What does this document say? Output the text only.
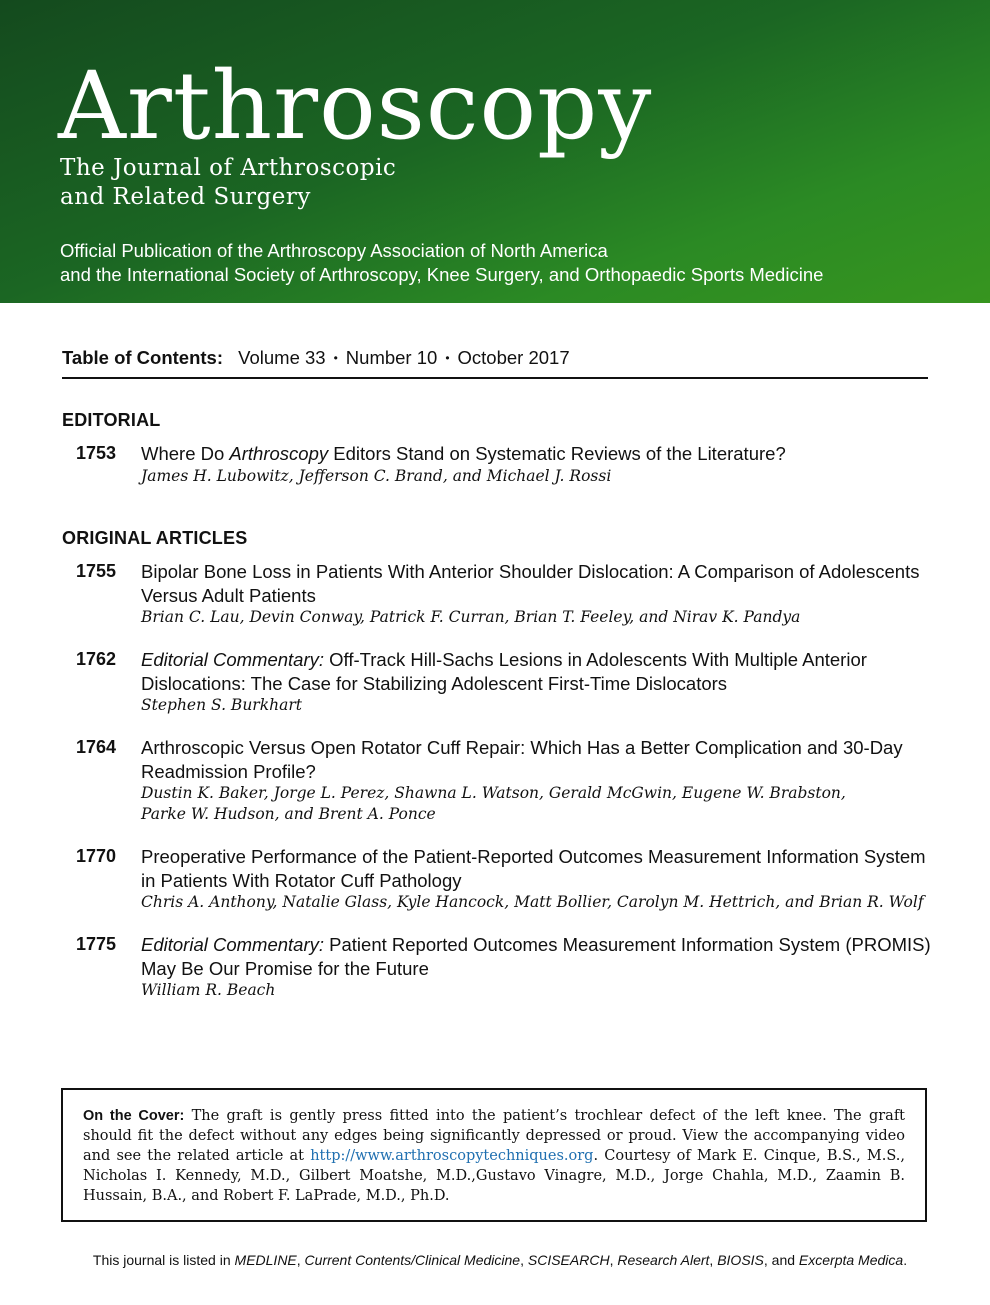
Arthroscopy
The Journal of Arthroscopic
and Related Surgery
Official Publication of the Arthroscopy Association of North America
and the International Society of Arthroscopy, Knee Surgery, and Orthopaedic Sports Medicine
Table of Contents: Volume 33 • Number 10 • October 2017
EDITORIAL
1753 Where Do Arthroscopy Editors Stand on Systematic Reviews of the Literature?
James H. Lubowitz, Jefferson C. Brand, and Michael J. Rossi
ORIGINAL ARTICLES
1755 Bipolar Bone Loss in Patients With Anterior Shoulder Dislocation: A Comparison of Adolescents Versus Adult Patients
Brian C. Lau, Devin Conway, Patrick F. Curran, Brian T. Feeley, and Nirav K. Pandya
1762 Editorial Commentary: Off-Track Hill-Sachs Lesions in Adolescents With Multiple Anterior Dislocations: The Case for Stabilizing Adolescent First-Time Dislocators
Stephen S. Burkhart
1764 Arthroscopic Versus Open Rotator Cuff Repair: Which Has a Better Complication and 30-Day Readmission Profile?
Dustin K. Baker, Jorge L. Perez, Shawna L. Watson, Gerald McGwin, Eugene W. Brabston,
Parke W. Hudson, and Brent A. Ponce
1770 Preoperative Performance of the Patient-Reported Outcomes Measurement Information System in Patients With Rotator Cuff Pathology
Chris A. Anthony, Natalie Glass, Kyle Hancock, Matt Bollier, Carolyn M. Hettrich, and Brian R. Wolf
1775 Editorial Commentary: Patient Reported Outcomes Measurement Information System (PROMIS) May Be Our Promise for the Future
William R. Beach
On the Cover: The graft is gently press fitted into the patient’s trochlear defect of the left knee. The graft should fit the defect without any edges being significantly depressed or proud. View the accompanying video and see the related article at http://www.arthroscopytechniques.org. Courtesy of Mark E. Cinque, B.S., M.S., Nicholas I. Kennedy, M.D., Gilbert Moatshe, M.D.,Gustavo Vinagre, M.D., Jorge Chahla, M.D., Zaamin B. Hussain, B.A., and Robert F. LaPrade, M.D., Ph.D.
This journal is listed in MEDLINE, Current Contents/Clinical Medicine, SCISEARCH, Research Alert, BIOSIS, and Excerpta Medica.
